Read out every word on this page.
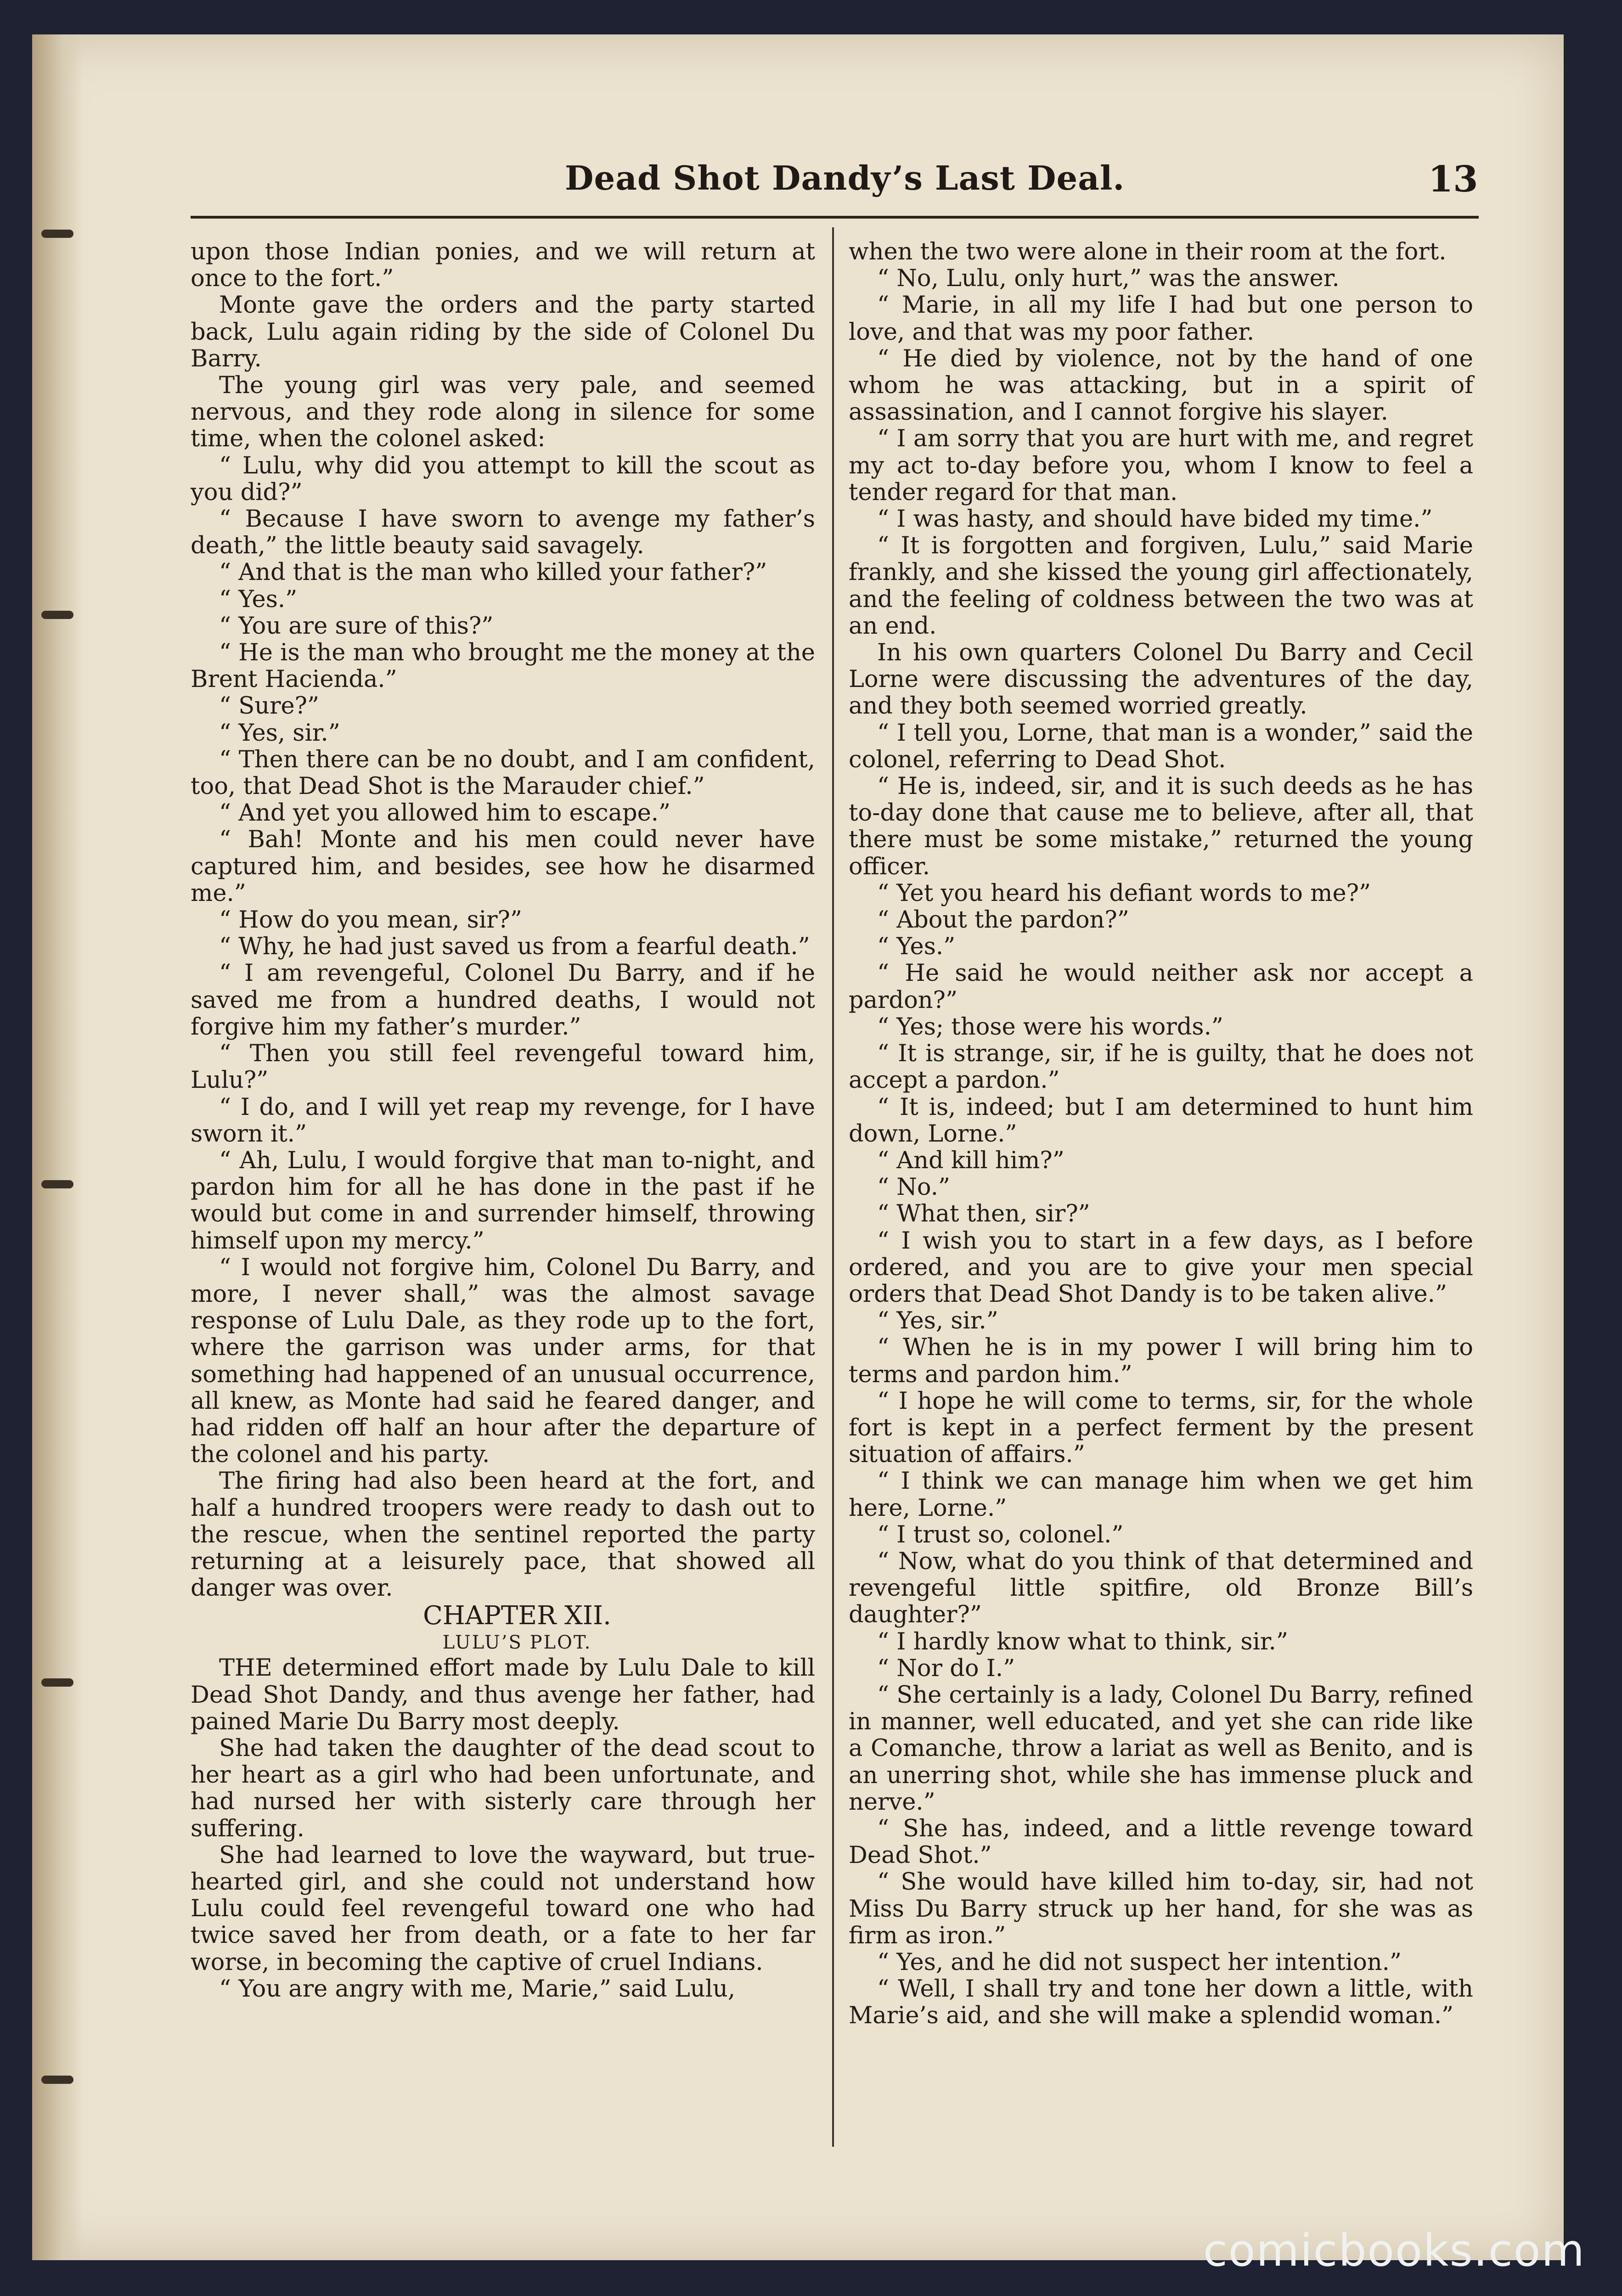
Dead Shot Dandy’s Last Deal.	13

upon those Indian ponies, and we will return at once to the fort.”

Monte gave the orders and the party started back, Lulu again riding by the side of Colonel Du Barry.

The young girl was very pale, and seemed nervous, and they rode along in silence for some time, when the colonel asked:

“ Lulu, why did you attempt to kill the scout as you did?”

“ Because I have sworn to avenge my father’s death,” the little beauty said savagely.

“ And that is the man who killed your father?”

“ Yes.”

“ You are sure of this?”

“ He is the man who brought me the money at the Brent Hacienda.”

“ Sure?”

“ Yes, sir.”

“ Then there can be no doubt, and I am confident, too, that Dead Shot is the Marauder chief.”

“ And yet you allowed him to escape.”

“ Bah! Monte and his men could never have captured him, and besides, see how he disarmed me.”

“ How do you mean, sir?”

“ Why, he had just saved us from a fearful death.”

“ I am revengeful, Colonel Du Barry, and if he saved me from a hundred deaths, I would not forgive him my father’s murder.”

“ Then you still feel revengeful toward him, Lulu?”

“ I do, and I will yet reap my revenge, for I have sworn it.”

“ Ah, Lulu, I would forgive that man to-night, and pardon him for all he has done in the past if he would but come in and surrender himself, throwing himself upon my mercy.”

“ I would not forgive him, Colonel Du Barry, and more, I never shall,” was the almost savage response of Lulu Dale, as they rode up to the fort, where the garrison was under arms, for that something had happened of an unusual occurrence, all knew, as Monte had said he feared danger, and had ridden off half an hour after the departure of the colonel and his party.

The firing had also been heard at the fort, and half a hundred troopers were ready to dash out to the rescue, when the sentinel reported the party returning at a leisurely pace, that showed all danger was over.

CHAPTER XII.

LULU’S PLOT.

THE determined effort made by Lulu Dale to kill Dead Shot Dandy, and thus avenge her father, had pained Marie Du Barry most deeply.

She had taken the daughter of the dead scout to her heart as a girl who had been unfortunate, and had nursed her with sisterly care through her suffering.

She had learned to love the wayward, but true-hearted girl, and she could not understand how Lulu could feel revengeful toward one who had twice saved her from death, or a fate to her far worse, in becoming the captive of cruel Indians.

“ You are angry with me, Marie,” said Lulu,

when the two were alone in their room at the fort.

“ No, Lulu, only hurt,” was the answer.

“ Marie, in all my life I had but one person to love, and that was my poor father.

“ He died by violence, not by the hand of one whom he was attacking, but in a spirit of assassination, and I cannot forgive his slayer.

“ I am sorry that you are hurt with me, and regret my act to-day before you, whom I know to feel a tender regard for that man.

“ I was hasty, and should have bided my time.”

“ It is forgotten and forgiven, Lulu,” said Marie frankly, and she kissed the young girl affectionately, and the feeling of coldness between the two was at an end.

In his own quarters Colonel Du Barry and Cecil Lorne were discussing the adventures of the day, and they both seemed worried greatly.

“ I tell you, Lorne, that man is a wonder,” said the colonel, referring to Dead Shot.

“ He is, indeed, sir, and it is such deeds as he has to-day done that cause me to believe, after all, that there must be some mistake,” returned the young officer.

“ Yet you heard his defiant words to me?”

“ About the pardon?”

“ Yes.”

“ He said he would neither ask nor accept a pardon?”

“ Yes; those were his words.”

“ It is strange, sir, if he is guilty, that he does not accept a pardon.”

“ It is, indeed; but I am determined to hunt him down, Lorne.”

“ And kill him?”

“ No.”

“ What then, sir?”

“ I wish you to start in a few days, as I before ordered, and you are to give your men special orders that Dead Shot Dandy is to be taken alive.”

“ Yes, sir.”

“ When he is in my power I will bring him to terms and pardon him.”

“ I hope he will come to terms, sir, for the whole fort is kept in a perfect ferment by the present situation of affairs.”

“ I think we can manage him when we get him here, Lorne.”

“ I trust so, colonel.”

“ Now, what do you think of that determined and revengeful little spitfire, old Bronze Bill’s daughter?”

“ I hardly know what to think, sir.”

“ Nor do I.”

“ She certainly is a lady, Colonel Du Barry, refined in manner, well educated, and yet she can ride like a Comanche, throw a lariat as well as Benito, and is an unerring shot, while she has immense pluck and nerve.”

“ She has, indeed, and a little revenge toward Dead Shot.”

“ She would have killed him to-day, sir, had not Miss Du Barry struck up her hand, for she was as firm as iron.”

“ Yes, and he did not suspect her intention.”

“ Well, I shall try and tone her down a little, with Marie’s aid, and she will make a splendid woman.”

comicbooks.com
